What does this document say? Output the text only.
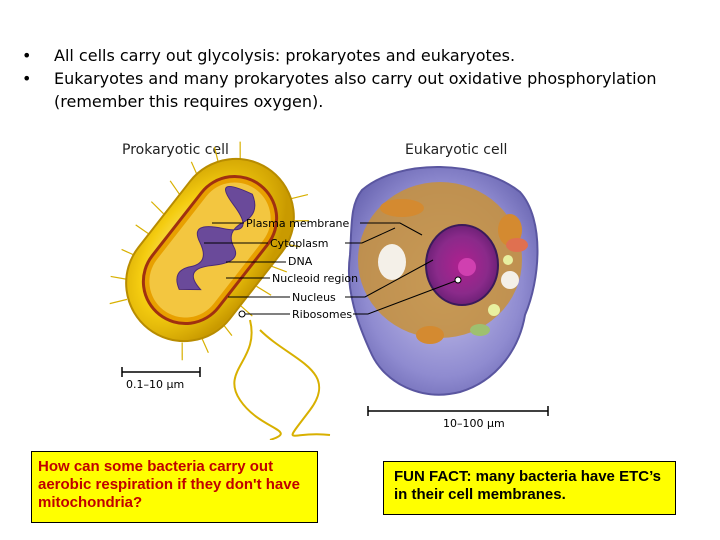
• All cells carry out glycolysis: prokaryotes and eukaryotes.
• Eukaryotes and many prokaryotes also carry out oxidative phosphorylation (remember this requires oxygen).
Prokaryotic cell	Eukaryotic cell
Plasma membrane
Cytoplasm
DNA
Nucleoid region
Nucleus
Ribosomes
0.1–10 µm
10–100 µm
How can some bacteria carry out aerobic respiration if they don't have mitochondria?
FUN FACT: many bacteria have ETC’s in their cell membranes.
